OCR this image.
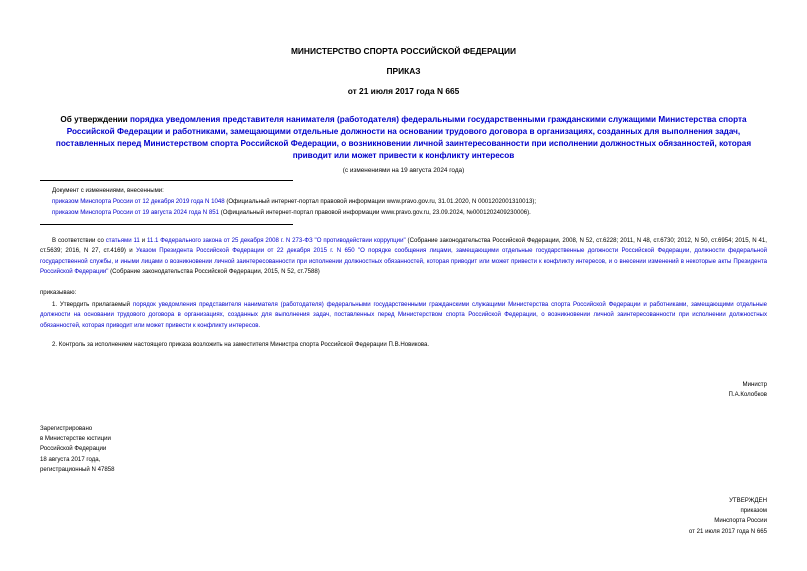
МИНИСТЕРСТВО СПОРТА РОССИЙСКОЙ ФЕДЕРАЦИИ
ПРИКАЗ
от 21 июля 2017 года N 665
Об утверждении порядка уведомления представителя нанимателя (работодателя) федеральными государственными гражданскими служащими Министерства спорта Российской Федерации и работниками, замещающими отдельные должности на основании трудового договора в организациях, созданных для выполнения задач, поставленных перед Министерством спорта Российской Федерации, о возникновении личной заинтересованности при исполнении должностных обязанностей, которая приводит или может привести к конфликту интересов
(с изменениями на 19 августа 2024 года)
Документ с изменениями, внесенными:
приказом Минспорта России от 12 декабря 2019 года N 1048 (Официальный интернет-портал правовой информации www.pravo.gov.ru, 31.01.2020, N 0001202001310013);
приказом Минспорта России от 19 августа 2024 года N 851 (Официальный интернет-портал правовой информации www.pravo.gov.ru, 23.09.2024, №0001202409230006).
В соответствии со статьями 11 и 11.1 Федерального закона от 25 декабря 2008 г. N 273-ФЗ "О противодействии коррупции" (Собрание законодательства Российской Федерации, 2008, N 52, ст.6228; 2011, N 48, ст.6730; 2012, N 50, ст.6954; 2015, N 41, ст.5639; 2016, N 27, ст.4169) и Указом Президента Российской Федерации от 22 декабря 2015 г. N 650 "О порядке сообщения лицами, замещающими отдельные государственные должности Российской Федерации, должности федеральной государственной службы, и иными лицами о возникновении личной заинтересованности при исполнении должностных обязанностей, которая приводит или может привести к конфликту интересов, и о внесении изменений в некоторые акты Президента Российской Федерации" (Собрание законодательства Российской Федерации, 2015, N 52, ст.7588)
приказываю:
1. Утвердить прилагаемый порядок уведомления представителя нанимателя (работодателя) федеральными государственными гражданскими служащими Министерства спорта Российской Федерации и работниками, замещающими отдельные должности на основании трудового договора в организациях, созданных для выполнения задач, поставленных перед Министерством спорта Российской Федерации, о возникновении личной заинтересованности при исполнении должностных обязанностей, которая приводит или может привести к конфликту интересов.
2. Контроль за исполнением настоящего приказа возложить на заместителя Министра спорта Российской Федерации П.В.Новикова.
Министр
П.А.Колобков
Зарегистрировано
в Министерстве юстиции
Российской Федерации
18 августа 2017 года,
регистрационный N 47858
УТВЕРЖДЕН
приказом
Минспорта России
от 21 июля 2017 года N 665
